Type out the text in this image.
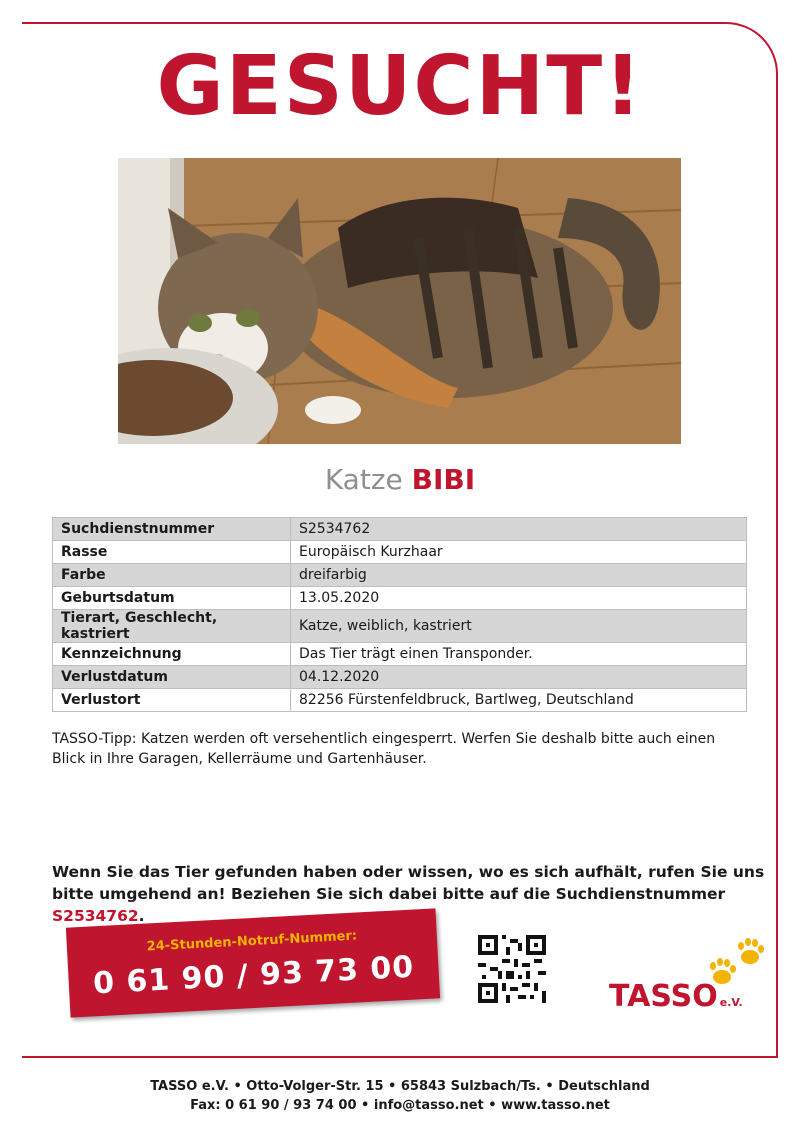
GESUCHT!
Katze BIBI
Suchdienstnummer	S2534762
Rasse	Europäisch Kurzhaar
Farbe	dreifarbig
Geburtsdatum	13.05.2020
Tierart, Geschlecht, kastriert	Katze, weiblich, kastriert
Kennzeichnung	Das Tier trägt einen Transponder.
Verlustdatum	04.12.2020
Verlustort	82256 Fürstenfeldbruck, Bartlweg, Deutschland
TASSO-Tipp: Katzen werden oft versehentlich eingesperrt. Werfen Sie deshalb bitte auch einen Blick in Ihre Garagen, Kellerräume und Gartenhäuser.
Wenn Sie das Tier gefunden haben oder wissen, wo es sich aufhält, rufen Sie uns bitte umgehend an! Beziehen Sie sich dabei bitte auf die Suchdienstnummer S2534762.
24-Stunden-Notruf-Nummer:
0 61 90 / 93 73 00	TASSO e.V.
TASSO e.V. • Otto-Volger-Str. 15 • 65843 Sulzbach/Ts. • Deutschland
Fax: 0 61 90 / 93 74 00 • info@tasso.net • www.tasso.net
